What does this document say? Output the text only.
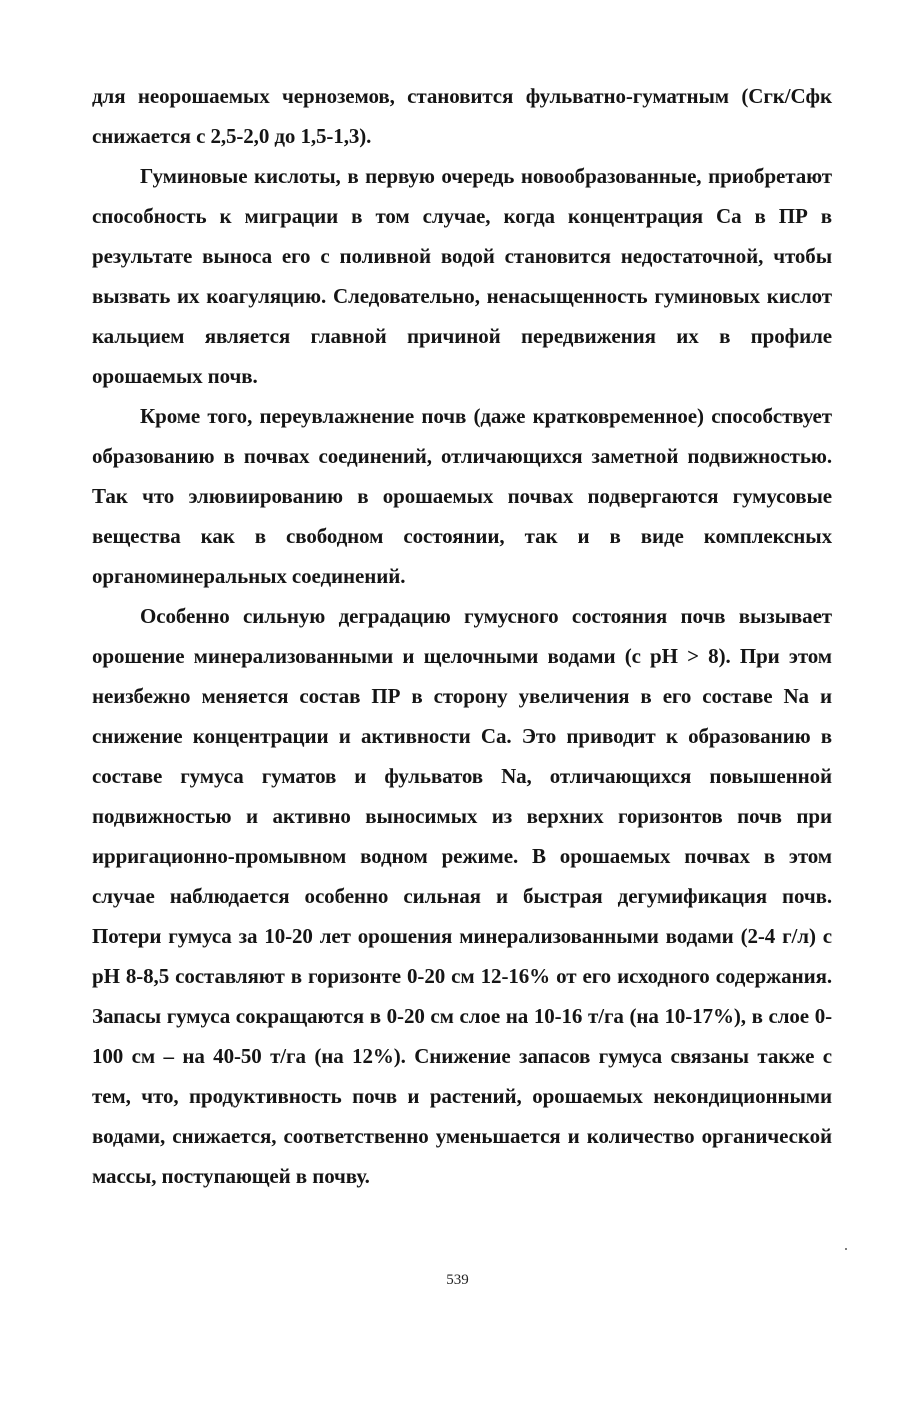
для неорошаемых черноземов, становится фульватно-гуматным (Сгк/Сфк снижается с 2,5-2,0 до 1,5-1,3).

Гуминовые кислоты, в первую очередь новообразованные, приобретают способность к миграции в том случае, когда концентрация Са в ПР в результате выноса его с поливной водой становится недостаточной, чтобы вызвать их коагуляцию. Следовательно, ненасыщенность гуминовых кислот кальцием является главной причиной передвижения их в профиле орошаемых почв.

Кроме того, переувлажнение почв (даже кратковременное) способствует образованию в почвах соединений, отличающихся заметной подвижностью. Так что элювиированию в орошаемых почвах подвергаются гумусовые вещества как в свободном состоянии, так и в виде комплексных органоминеральных соединений.

Особенно сильную деградацию гумусного состояния почв вызывает орошение минерализованными и щелочными водами (с рН > 8). При этом неизбежно меняется состав ПР в сторону увеличения в его составе Na и снижение концентрации и активности Са. Это приводит к образованию в составе гумуса гуматов и фульватов Na, отличающихся повышенной подвижностью и активно выносимых из верхних горизонтов почв при ирригационно-промывном водном режиме. В орошаемых почвах в этом случае наблюдается особенно сильная и быстрая дегумификация почв. Потери гумуса за 10-20 лет орошения минерализованными водами (2-4 г/л) с рН 8-8,5 составляют в горизонте 0-20 см 12-16% от его исходного содержания. Запасы гумуса сокращаются в 0-20 см слое на 10-16 т/га (на 10-17%), в слое 0-100 см – на 40-50 т/га (на 12%). Снижение запасов гумуса связаны также с тем, что, продуктивность почв и растений, орошаемых некондиционными водами, снижается, соответственно уменьшается и количество органической массы, поступающей в почву.

539
